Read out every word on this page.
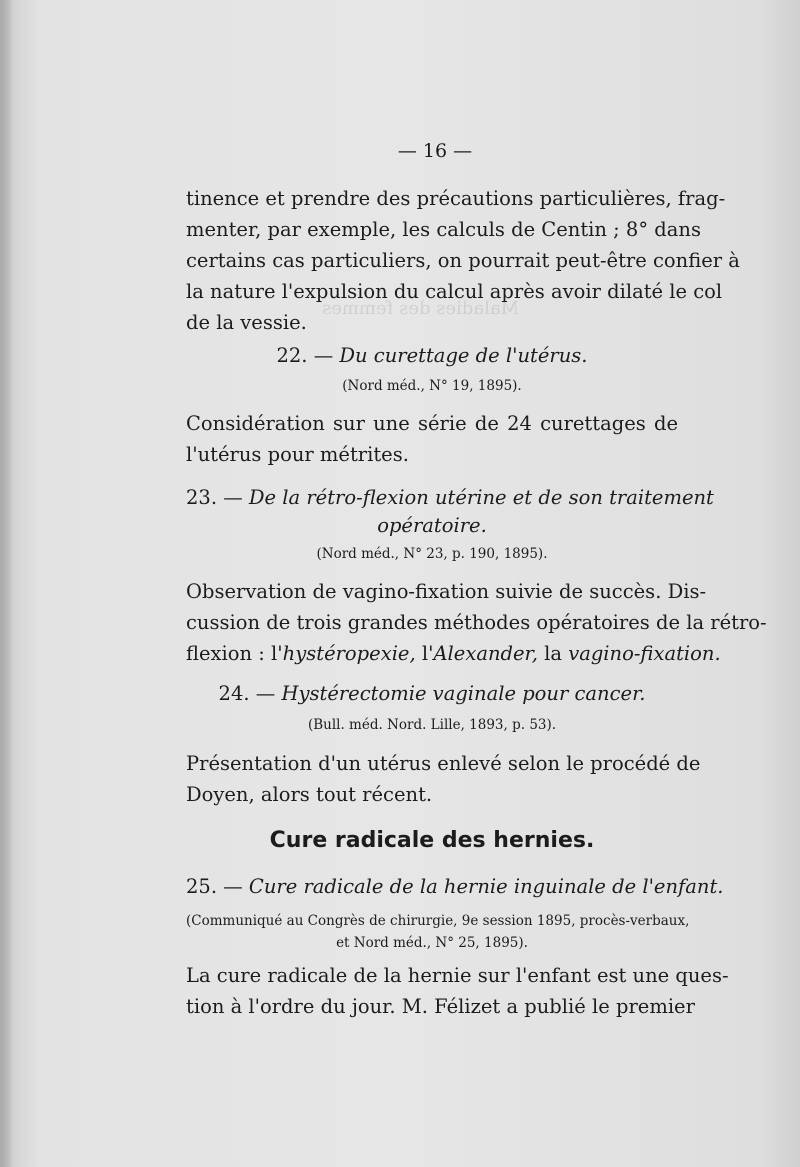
Maladies des femmes
— 16 —
tinence et prendre des précautions particulières, frag-
menter, par exemple, les calculs de Centin ; 8° dans
certains cas particuliers, on pourrait peut-être confier à
la nature l'expulsion du calcul après avoir dilaté le col
de la vessie.
22. — Du curettage de l'utérus.
(Nord méd., N° 19, 1895).
Considération sur une série de 24 curettages de
l'utérus pour métrites.
23. — De la rétro-flexion utérine et de son traitement
opératoire.
(Nord méd., N° 23, p. 190, 1895).
Observation de vagino-fixation suivie de succès. Dis-
cussion de trois grandes méthodes opératoires de la rétro-
flexion : l'hystéropexie, l'Alexander, la vagino-fixation.
24. — Hystérectomie vaginale pour cancer.
(Bull. méd. Nord. Lille, 1893, p. 53).
Présentation d'un utérus enlevé selon le procédé de
Doyen, alors tout récent.
Cure radicale des hernies.
25. — Cure radicale de la hernie inguinale de l'enfant.
(Communiqué au Congrès de chirurgie, 9e session 1895, procès-verbaux,
et Nord méd., N° 25, 1895).
La cure radicale de la hernie sur l'enfant est une ques-
tion à l'ordre du jour. M. Félizet a publié le premier
